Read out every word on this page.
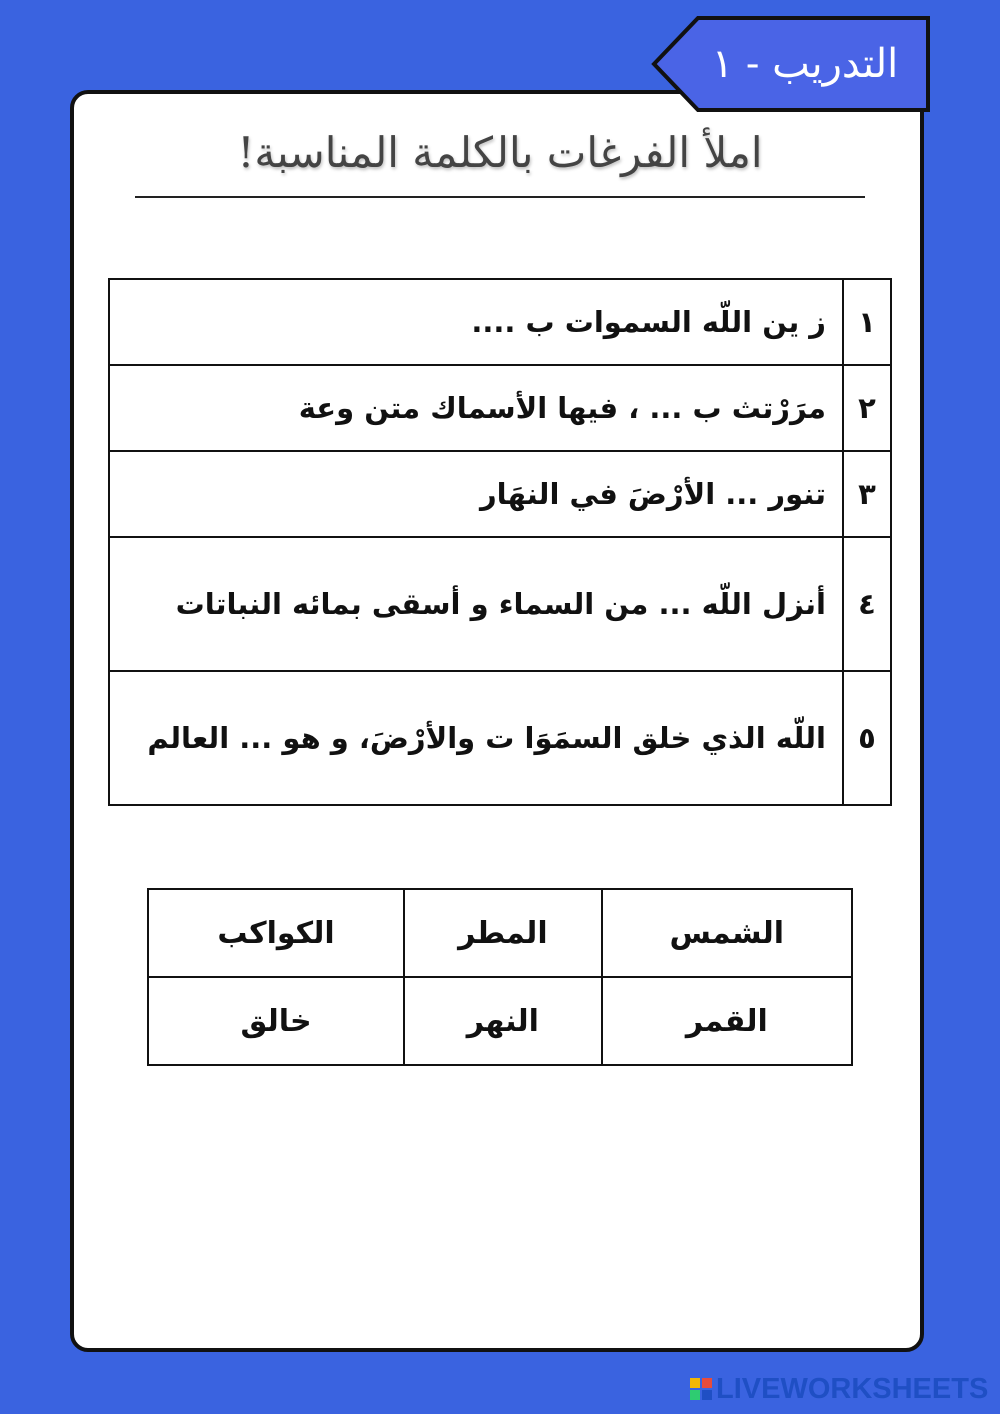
التدريب - ١
املأ الفرغات بالكلمة المناسبة!
١	ز ين اللّه السموات ب ....
٢	مرَرْتث ب ... ، فيها الأسماك متن وعة
٣	تنور ... الأرْضَ في النهَار
٤	أنزل اللّه ... من السماء و أسقى بمائه النباتات
٥	اللّه الذي خلق السمَوَا ت والأرْضَ، و هو ... العالم
الشمس	المطر	الكواكب
القمر	النهر	خالق
LIVEWORKSHEETS
